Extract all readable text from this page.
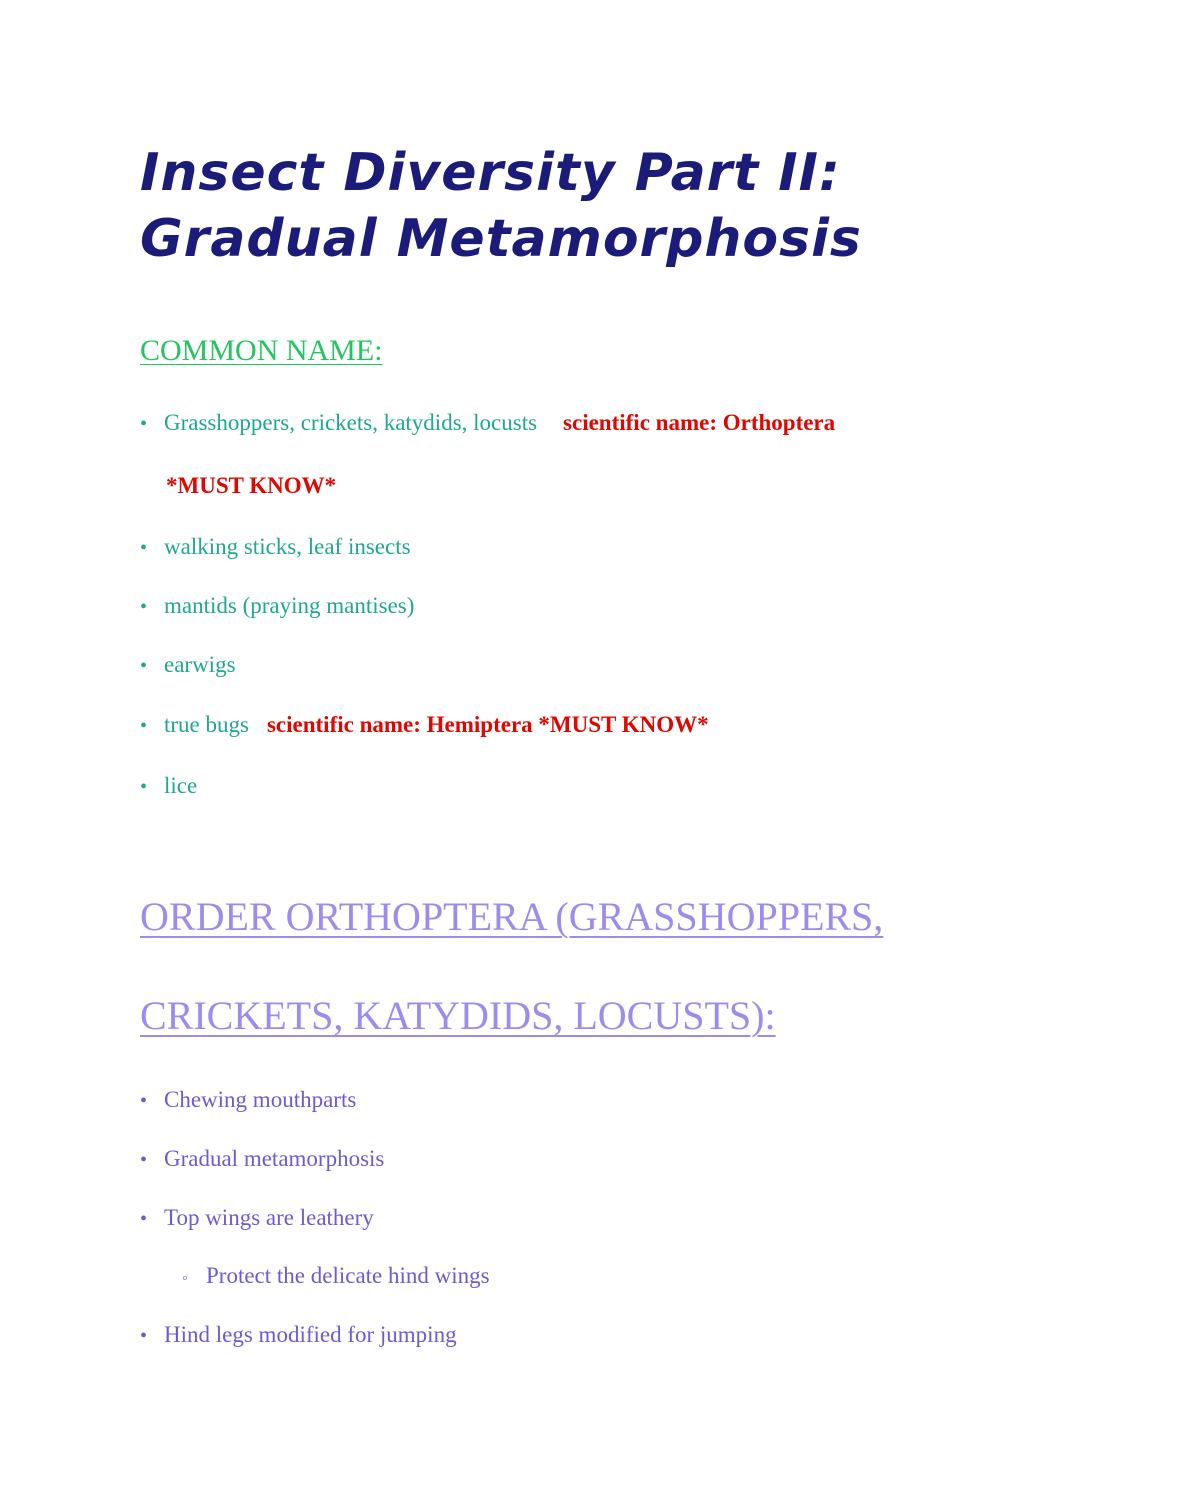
Insect Diversity Part II:
Gradual Metamorphosis
COMMON NAME:
• Grasshoppers, crickets, katydids, locusts scientific name: Orthoptera
*MUST KNOW*
• walking sticks, leaf insects
• mantids (praying mantises)
• earwigs
• true bugs scientific name: Hemiptera *MUST KNOW*
• lice
ORDER ORTHOPTERA (GRASSHOPPERS,
CRICKETS, KATYDIDS, LOCUSTS):
• Chewing mouthparts
• Gradual metamorphosis
• Top wings are leathery
◦ Protect the delicate hind wings
• Hind legs modified for jumping
